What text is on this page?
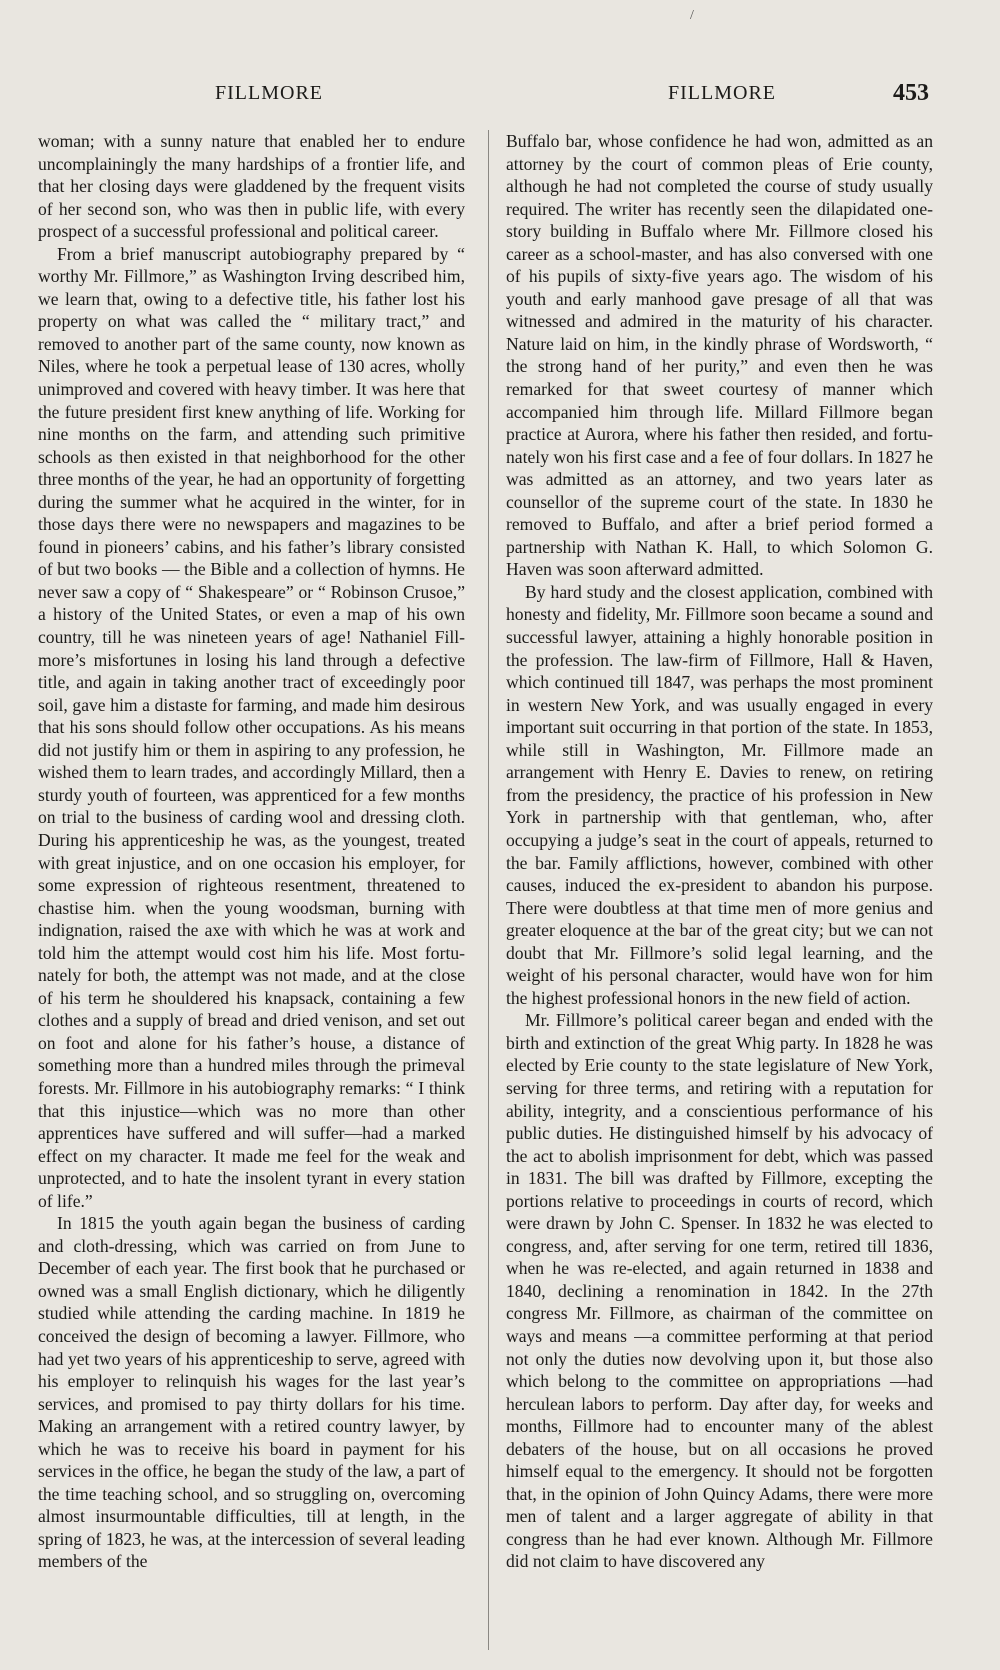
/
FILLMORE	FILLMORE	453

woman; with a sunny nature that enabled her to endure uncomplainingly the many hardships of a frontier life, and that her closing days were gladdened by the frequent visits of her second son, who was then in public life, with every prospect of a successful professional and political career.

From a brief manuscript autobiography prepared by “ worthy Mr. Fillmore,” as Washington Irving described him, we learn that, owing to a defective title, his father lost his property on what was called the “ military tract,” and removed to another part of the same county, now known as Niles, where he took a perpetual lease of 130 acres, wholly unimproved and covered with heavy timber. It was here that the future president first knew anything of life. Working for nine months on the farm, and attending such primitive schools as then existed in that neighborhood for the other three months of the year, he had an opportunity of forgetting during the summer what he acquired in the winter, for in those days there were no newspapers and magazines to be found in pioneers’ cabins, and his father’s library consisted of but two books — the Bible and a collection of hymns. He never saw a copy of “ Shakespeare” or “ Robinson Crusoe,” a history of the United States, or even a map of his own country, till he was nineteen years of age! Nathaniel Fillmore’s misfortunes in losing his land through a defective title, and again in taking another tract of exceedingly poor soil, gave him a distaste for farming, and made him desirous that his sons should follow other occupations. As his means did not justify him or them in aspiring to any profession, he wished them to learn trades, and accordingly Millard, then a sturdy youth of fourteen, was apprenticed for a few months on trial to the business of carding wool and dressing cloth. During his apprenticeship he was, as the youngest, treated with great injustice, and on one occasion his employer, for some expression of righteous resentment, threatened to chastise him. when the young woodsman, burning with indignation, raised the axe with which he was at work and told him the attempt would cost him his life. Most fortunately for both, the attempt was not made, and at the close of his term he shouldered his knapsack, containing a few clothes and a supply of bread and dried venison, and set out on foot and alone for his father’s house, a distance of something more than a hundred miles through the primeval forests. Mr. Fillmore in his autobiography remarks: “ I think that this injustice—which was no more than other apprentices have suffered and will suffer—had a marked effect on my character. It made me feel for the weak and unprotected, and to hate the insolent tyrant in every station of life.”

In 1815 the youth again began the business of carding and cloth-dressing, which was carried on from June to December of each year. The first book that he purchased or owned was a small English dictionary, which he diligently studied while attending the carding machine. In 1819 he conceived the design of becoming a lawyer. Fillmore, who had yet two years of his apprenticeship to serve, agreed with his employer to relinquish his wages for the last year’s services, and promised to pay thirty dollars for his time. Making an arrangement with a retired country lawyer, by which he was to receive his board in payment for his services in the office, he began the study of the law, a part of the time teaching school, and so struggling on, overcoming almost insurmountable difficulties, till at length, in the spring of 1823, he was, at the intercession of several leading members of the

Buffalo bar, whose confidence he had won, admitted as an attorney by the court of common pleas of Erie county, although he had not completed the course of study usually required. The writer has recently seen the dilapidated one-story building in Buffalo where Mr. Fillmore closed his career as a school-master, and has also conversed with one of his pupils of sixty-five years ago. The wisdom of his youth and early manhood gave presage of all that was witnessed and admired in the maturity of his character. Nature laid on him, in the kindly phrase of Wordsworth, “ the strong hand of her purity,” and even then he was remarked for that sweet courtesy of manner which accompanied him through life. Millard Fillmore began practice at Aurora, where his father then resided, and fortunately won his first case and a fee of four dollars. In 1827 he was admitted as an attorney, and two years later as counsellor of the supreme court of the state. In 1830 he removed to Buffalo, and after a brief period formed a partnership with Nathan K. Hall, to which Solomon G. Haven was soon afterward admitted.

By hard study and the closest application, combined with honesty and fidelity, Mr. Fillmore soon became a sound and successful lawyer, attaining a highly honorable position in the profession. The law-firm of Fillmore, Hall & Haven, which continued till 1847, was perhaps the most prominent in western New York, and was usually engaged in every important suit occurring in that portion of the state. In 1853, while still in Washington, Mr. Fillmore made an arrangement with Henry E. Davies to renew, on retiring from the presidency, the practice of his profession in New York in partnership with that gentleman, who, after occupying a judge’s seat in the court of appeals, returned to the bar. Family afflictions, however, combined with other causes, induced the ex-president to abandon his purpose. There were doubtless at that time men of more genius and greater eloquence at the bar of the great city; but we can not doubt that Mr. Fillmore’s solid legal learning, and the weight of his personal character, would have won for him the highest professional honors in the new field of action.

Mr. Fillmore’s political career began and ended with the birth and extinction of the great Whig party. In 1828 he was elected by Erie county to the state legislature of New York, serving for three terms, and retiring with a reputation for ability, integrity, and a conscientious performance of his public duties. He distinguished himself by his advocacy of the act to abolish imprisonment for debt, which was passed in 1831. The bill was drafted by Fillmore, excepting the portions relative to proceedings in courts of record, which were drawn by John C. Spenser. In 1832 he was elected to congress, and, after serving for one term, retired till 1836, when he was re-elected, and again returned in 1838 and 1840, declining a renomination in 1842. In the 27th congress Mr. Fillmore, as chairman of the committee on ways and means —a committee performing at that period not only the duties now devolving upon it, but those also which belong to the committee on appropriations —had herculean labors to perform. Day after day, for weeks and months, Fillmore had to encounter many of the ablest debaters of the house, but on all occasions he proved himself equal to the emergency. It should not be forgotten that, in the opinion of John Quincy Adams, there were more men of talent and a larger aggregate of ability in that congress than he had ever known. Although Mr. Fillmore did not claim to have discovered any
